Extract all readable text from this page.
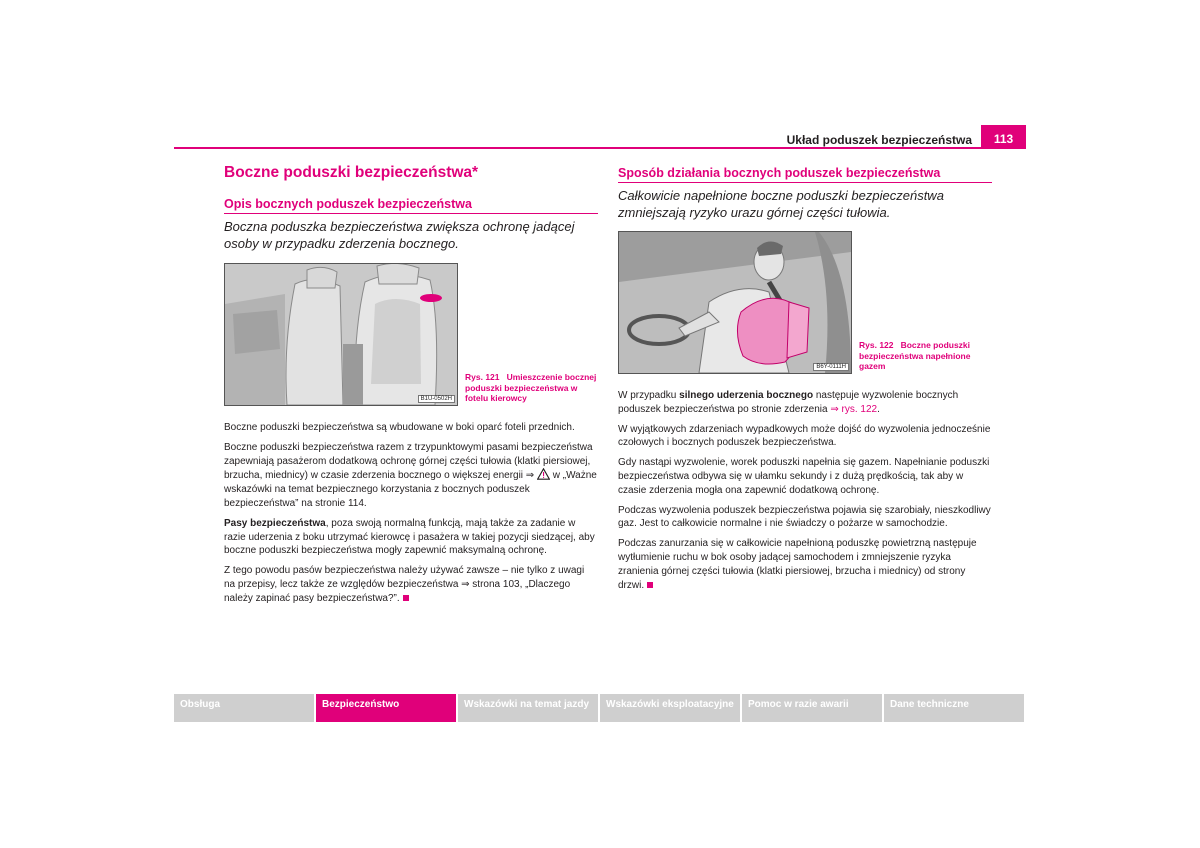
Układ poduszek bezpieczeństwa	113
Boczne poduszki bezpieczeństwa*
Opis bocznych poduszek bezpieczeństwa
Boczna poduszka bezpieczeństwa zwiększa ochronę jadącej osoby w przypadku zderzenia bocznego.
B1U-0502H
Rys. 121 Umieszczenie bocznej poduszki bezpieczeństwa w fotelu kierowcy

Boczne poduszki bezpieczeństwa są wbudowane w boki oparć foteli przednich.

Boczne poduszki bezpieczeństwa razem z trzypunktowymi pasami bezpieczeństwa zapewniają pasażerom dodatkową ochronę górnej części tułowia (klatki piersiowej, brzucha, miednicy) w czasie zderzenia bocznego o większej energii ⇒ w „Ważne wskazówki na temat bezpiecznego korzystania z bocznych poduszek bezpieczeństwa” na stronie 114.

Pasy bezpieczeństwa, poza swoją normalną funkcją, mają także za zadanie w razie uderzenia z boku utrzymać kierowcę i pasażera w takiej pozycji siedzącej, aby boczne poduszki bezpieczeństwa mogły zapewnić maksymalną ochronę.

Z tego powodu pasów bezpieczeństwa należy używać zawsze – nie tylko z uwagi na przepisy, lecz także ze względów bezpieczeństwa ⇒ strona 103, „Dlaczego należy zapinać pasy bezpieczeństwa?”.

Sposób działania bocznych poduszek bezpieczeństwa
Całkowicie napełnione boczne poduszki bezpieczeństwa zmniejszają ryzyko urazu górnej części tułowia.
B6Y-0111H
Rys. 122 Boczne poduszki bezpieczeństwa napełnione gazem

W przypadku silnego uderzenia bocznego następuje wyzwolenie bocznych poduszek bezpieczeństwa po stronie zderzenia ⇒ rys. 122.

W wyjątkowych zdarzeniach wypadkowych może dojść do wyzwolenia jednocześnie czołowych i bocznych poduszek bezpieczeństwa.

Gdy nastąpi wyzwolenie, worek poduszki napełnia się gazem. Napełnianie poduszki bezpieczeństwa odbywa się w ułamku sekundy i z dużą prędkością, tak aby w czasie zderzenia mogła ona zapewnić dodatkową ochronę.

Podczas wyzwolenia poduszek bezpieczeństwa pojawia się szarobiały, nieszkodliwy gaz. Jest to całkowicie normalne i nie świadczy o pożarze w samochodzie.

Podczas zanurzania się w całkowicie napełnioną poduszkę powietrzną następuje wytłumienie ruchu w bok osoby jadącej samochodem i zmniejszenie ryzyka zranienia górnej części tułowia (klatki piersiowej, brzucha i miednicy) od strony drzwi.

Obsługa	Bezpieczeństwo	Wskazówki na temat jazdy	Wskazówki eksploatacyjne	Pomoc w razie awarii	Dane techniczne
